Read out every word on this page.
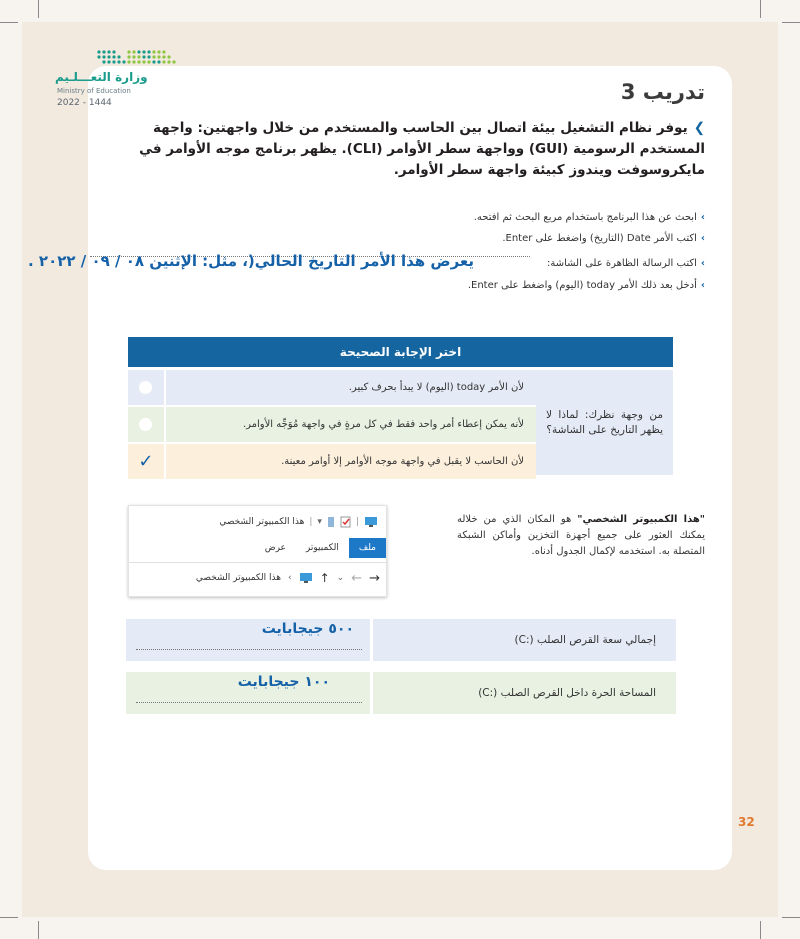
وزارة التعـــلـيم
Ministry of Education
2022 - 1444	تدريب 3
❯يوفر نظام التشغيل بيئة اتصال بين الحاسب والمستخدم من خلال واجهتين: واجهة المستخدم الرسومية (GUI) وواجهة سطر الأوامر (CLI). يظهر برنامج موجه الأوامر في مايكروسوفت ويندوز كبيئة واجهة سطر الأوامر.
›ابحث عن هذا البرنامج باستخدام مربع البحث ثم افتحه.
›اكتب الأمر Date (التاريخ) واضغط على Enter.
›اكتب الرسالة الظاهرة على الشاشة:
›أدخل بعد ذلك الأمر today (اليوم) واضغط على Enter.
يعرض هذا الأمر التاريخ الحالي(، مثل: الإثنين ٠٨ / ٠٩ / ٢٠٢٢ .
اختر الإجابة الصحيحة
من وجهة نظرك: لماذا لا يظهر التاريخ على الشاشة؟
لأن الأمر today (اليوم) لا يبدأ بحرف كبير.
لأنه يمكن إعطاء أمر واحد فقط في كل مرةٍ في واجهة مُوَجِّه الأوامر.
لأن الحاسب لا يقبل في واجهة موجه الأوامر إلا أوامر معينة.
✓
|
▾
|
هذا الكمبيوتر الشخصي
ملف
الكمبيوتر
عرض
→
←
⌄
↑
›
هذا الكمبيوتر الشخصي
"هذا الكمبيوتر الشخصي" هو المكان الذي من خلاله يمكنك العثور على جميع أجهزة التخزين وأماكن الشبكة المتصلة به. استخدمه لإكمال الجدول أدناه.
٥٠٠ جيجابايت
إجمالي سعة القرص الصلب (:C)
١٠٠ جيجابايت
المساحة الحرة داخل القرص الصلب (:C)
32
